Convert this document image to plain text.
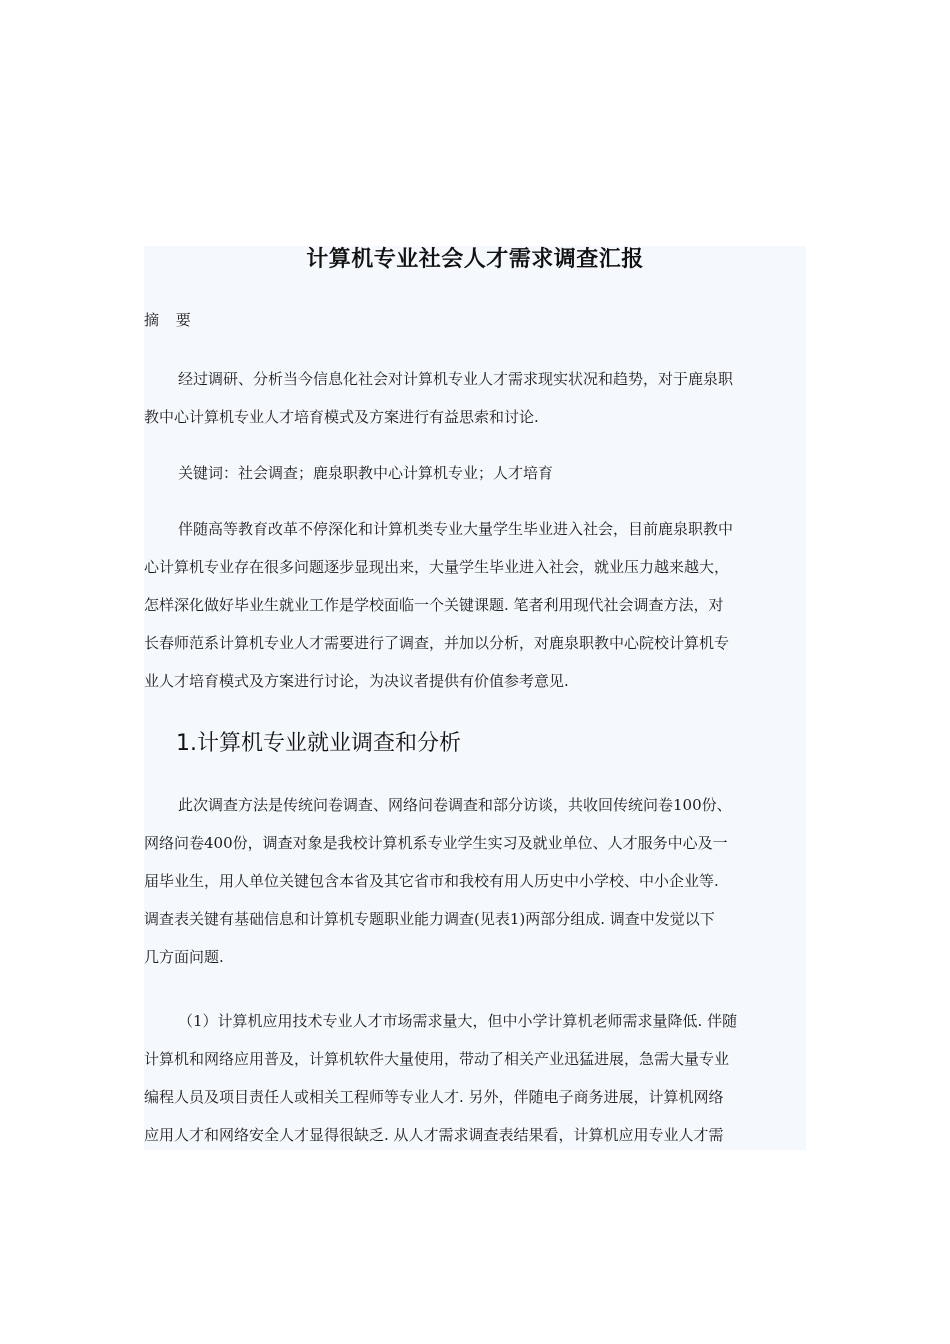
计算机专业社会人才需求调查汇报
摘 要
经过调研、分析当今信息化社会对计算机专业人才需求现实状况和趋势，对于鹿泉职
教中心计算机专业人才培育模式及方案进行有益思索和讨论.
关键词：社会调查；鹿泉职教中心计算机专业；人才培育
伴随高等教育改革不停深化和计算机类专业大量学生毕业进入社会，目前鹿泉职教中
心计算机专业存在很多问题逐步显现出来，大量学生毕业进入社会，就业压力越来越大，
怎样深化做好毕业生就业工作是学校面临一个关键课题. 笔者利用现代社会调查方法，对
长春师范系计算机专业人才需要进行了调查，并加以分析，对鹿泉职教中心院校计算机专
业人才培育模式及方案进行讨论，为决议者提供有价值参考意见.
1.计算机专业就业调查和分析
此次调查方法是传统问卷调查、网络问卷调查和部分访谈，共收回传统问卷100份、
网络问卷400份，调查对象是我校计算机系专业学生实习及就业单位、人才服务中心及一
届毕业生，用人单位关键包含本省及其它省市和我校有用人历史中小学校、中小企业等.
调查表关键有基础信息和计算机专题职业能力调查(见表1)两部分组成. 调查中发觉以下
几方面问题.
（1）计算机应用技术专业人才市场需求量大，但中小学计算机老师需求量降低. 伴随
计算机和网络应用普及，计算机软件大量使用，带动了相关产业迅猛进展，急需大量专业
编程人员及项目责任人或相关工程师等专业人才. 另外，伴随电子商务进展，计算机网络
应用人才和网络安全人才显得很缺乏. 从人才需求调查表结果看，计算机应用专业人才需
